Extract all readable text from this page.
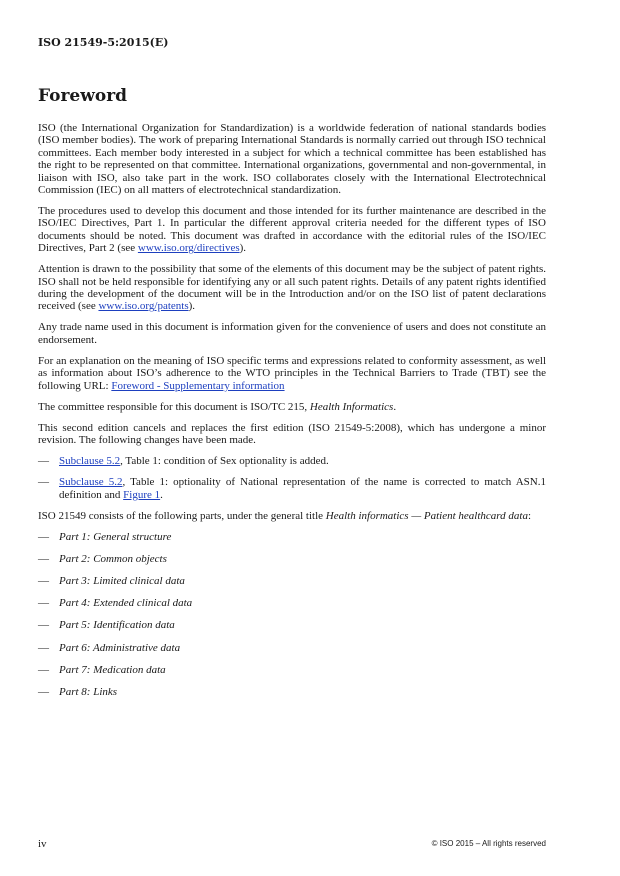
ISO 21549-5:2015(E)
Foreword

ISO (the International Organization for Standardization) is a worldwide federation of national standards bodies (ISO member bodies). The work of preparing International Standards is normally carried out through ISO technical committees. Each member body interested in a subject for which a technical committee has been established has the right to be represented on that committee. International organizations, governmental and non-governmental, in liaison with ISO, also take part in the work. ISO collaborates closely with the International Electrotechnical Commission (IEC) on all matters of electrotechnical standardization.

The procedures used to develop this document and those intended for its further maintenance are described in the ISO/IEC Directives, Part 1. In particular the different approval criteria needed for the different types of ISO documents should be noted. This document was drafted in accordance with the editorial rules of the ISO/IEC Directives, Part 2 (see www.iso.org/directives).

Attention is drawn to the possibility that some of the elements of this document may be the subject of patent rights. ISO shall not be held responsible for identifying any or all such patent rights. Details of any patent rights identified during the development of the document will be in the Introduction and/or on the ISO list of patent declarations received (see www.iso.org/patents).

Any trade name used in this document is information given for the convenience of users and does not constitute an endorsement.

For an explanation on the meaning of ISO specific terms and expressions related to conformity assessment, as well as information about ISO’s adherence to the WTO principles in the Technical Barriers to Trade (TBT) see the following URL: Foreword - Supplementary information

The committee responsible for this document is ISO/TC 215, Health Informatics.

This second edition cancels and replaces the first edition (ISO 21549-5:2008), which has undergone a minor revision. The following changes have been made.

— Subclause 5.2, Table 1: condition of Sex optionality is added.
— Subclause 5.2, Table 1: optionality of National representation of the name is corrected to match ASN.1 definition and Figure 1.

ISO 21549 consists of the following parts, under the general title Health informatics — Patient healthcard data:

— Part 1: General structure
— Part 2: Common objects
— Part 3: Limited clinical data
— Part 4: Extended clinical data
— Part 5: Identification data
— Part 6: Administrative data
— Part 7: Medication data
— Part 8: Links
iv	© ISO 2015 – All rights reserved
